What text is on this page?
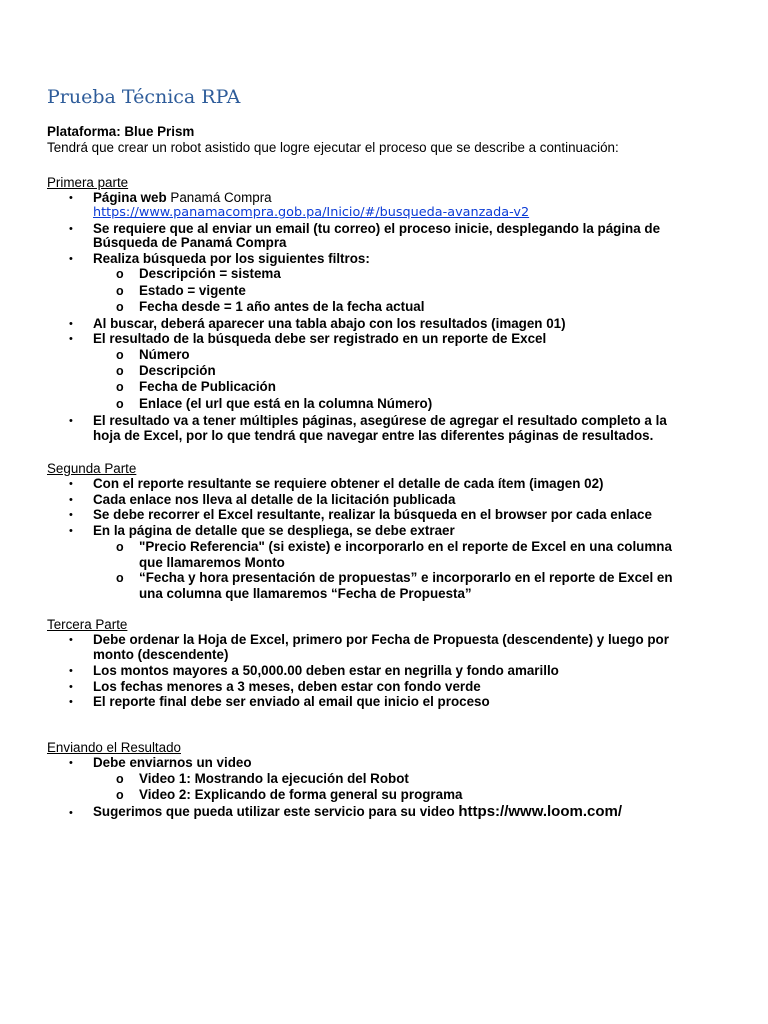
Prueba Técnica RPA
Plataforma: Blue Prism
Tendrá que crear un robot asistido que logre ejecutar el proceso que se describe a continuación:
Primera parte
• Página web Panamá Compra
https://www.panamacompra.gob.pa/Inicio/#/busqueda-avanzada-v2
• Se requiere que al enviar un email (tu correo) el proceso inicie, desplegando la página de
Búsqueda de Panamá Compra
• Realiza búsqueda por los siguientes filtros:
o Descripción = sistema
o Estado = vigente
o Fecha desde = 1 año antes de la fecha actual
• Al buscar, deberá aparecer una tabla abajo con los resultados (imagen 01)
• El resultado de la búsqueda debe ser registrado en un reporte de Excel
o Número
o Descripción
o Fecha de Publicación
o Enlace (el url que está en la columna Número)
• El resultado va a tener múltiples páginas, asegúrese de agregar el resultado completo a la
hoja de Excel, por lo que tendrá que navegar entre las diferentes páginas de resultados.
Segunda Parte
• Con el reporte resultante se requiere obtener el detalle de cada ítem (imagen 02)
• Cada enlace nos lleva al detalle de la licitación publicada
• Se debe recorrer el Excel resultante, realizar la búsqueda en el browser por cada enlace
• En la página de detalle que se despliega, se debe extraer
o "Precio Referencia" (si existe) e incorporarlo en el reporte de Excel en una columna
que llamaremos Monto
o “Fecha y hora presentación de propuestas” e incorporarlo en el reporte de Excel en
una columna que llamaremos “Fecha de Propuesta”
Tercera Parte
• Debe ordenar la Hoja de Excel, primero por Fecha de Propuesta (descendente) y luego por
monto (descendente)
• Los montos mayores a 50,000.00 deben estar en negrilla y fondo amarillo
• Los fechas menores a 3 meses, deben estar con fondo verde
• El reporte final debe ser enviado al email que inicio el proceso
Enviando el Resultado
• Debe enviarnos un video
o Video 1: Mostrando la ejecución del Robot
o Video 2: Explicando de forma general su programa
• Sugerimos que pueda utilizar este servicio para su video https://www.loom.com/
